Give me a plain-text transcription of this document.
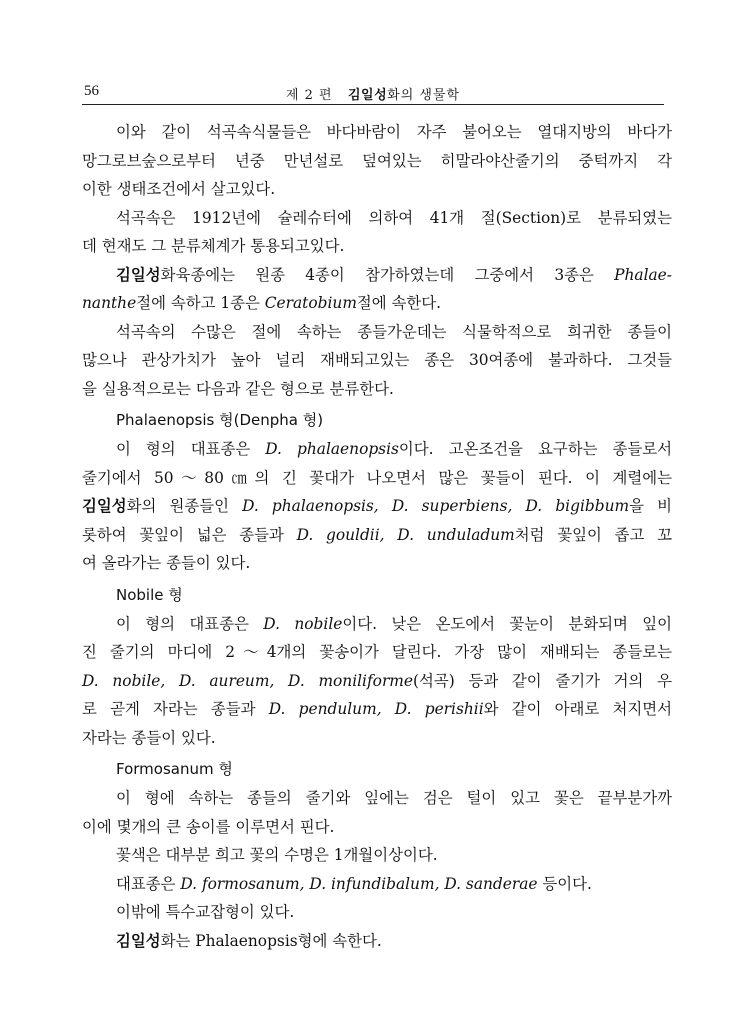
56	제 2 편 김일성화의 생물학

이와 같이 석곡속식물들은 바다바람이 자주 불어오는 열대지방의 바다가
망그로브숲으로부터 년중 만년설로 덮여있는 히말라야산줄기의 중턱까지 각
이한 생태조건에서 살고있다.

석곡속은 1912년에 슐레슈터에 의하여 41개 절(Section)로 분류되였는
데 현재도 그 분류체계가 통용되고있다.

김일성화육종에는 원종 4종이 참가하였는데 그중에서 3종은 Phalae-
nanthe절에 속하고 1종은 Ceratobium절에 속한다.

석곡속의 수많은 절에 속하는 종들가운데는 식물학적으로 희귀한 종들이
많으나 관상가치가 높아 널리 재배되고있는 종은 30여종에 불과하다. 그것들
을 실용적으로는 다음과 같은 형으로 분류한다.

Phalaenopsis 형(Denpha 형)

이 형의 대표종은 D. phalaenopsis이다. 고온조건을 요구하는 종들로서
줄기에서 50～80㎝의 긴 꽃대가 나오면서 많은 꽃들이 핀다. 이 계렬에는
김일성화의 원종들인 D. phalaenopsis, D. superbiens, D. bigibbum을 비
롯하여 꽃잎이 넓은 종들과 D. gouldii, D. unduladum처럼 꽃잎이 좁고 꼬
여 올라가는 종들이 있다.

Nobile 형

이 형의 대표종은 D. nobile이다. 낮은 온도에서 꽃눈이 분화되며 잎이
진 줄기의 마디에 2～4개의 꽃송이가 달린다. 가장 많이 재배되는 종들로는
D. nobile, D. aureum, D. moniliforme(석곡) 등과 같이 줄기가 거의 우
로 곧게 자라는 종들과 D. pendulum, D. perishii와 같이 아래로 처지면서
자라는 종들이 있다.

Formosanum 형

이 형에 속하는 종들의 줄기와 잎에는 검은 털이 있고 꽃은 끝부분가까
이에 몇개의 큰 송이를 이루면서 핀다.

꽃색은 대부분 희고 꽃의 수명은 1개월이상이다.

대표종은 D. formosanum, D. infundibalum, D. sanderae 등이다.

이밖에 특수교잡형이 있다.

김일성화는 Phalaenopsis형에 속한다.
